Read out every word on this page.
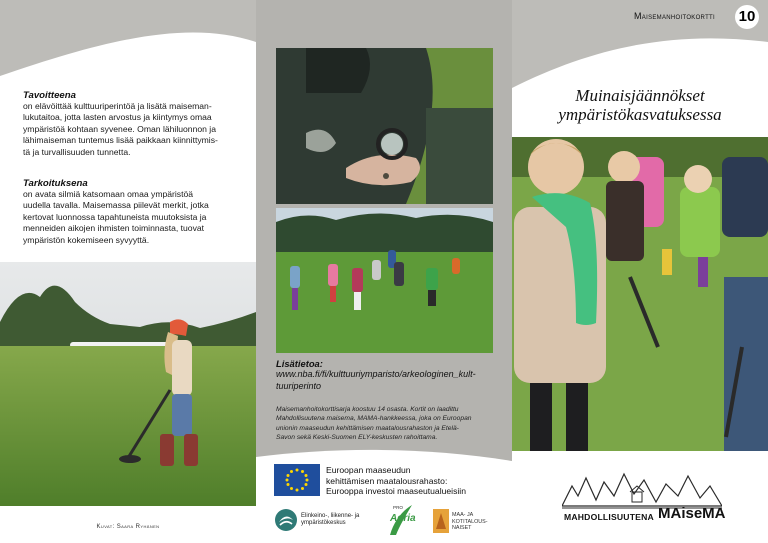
Tavoitteena
on elävöittää kulttuuriperintöä ja lisätä maiseman-
lukutaitoa, jotta lasten arvostus ja kiintymys omaa
ympäristöä kohtaan syvenee. Oman lähiluonnon ja
lähimaiseman tuntemus lisää paikkaan kiinnittymis-
tä ja turvallisuuden tunnetta.
Tarkoituksena
on avata silmiä katsomaan omaa ympäristöä
uudella tavalla. Maisemassa piilevät merkit, jotka
kertovat luonnossa tapahtuneista muutoksista ja
menneiden aikojen ihmisten toiminnasta, tuovat
ympäristön kokemiseen syvyyttä.
Kuvat: Saara Ryhänen
Lisätietoa:
www.nba.fi/fi/kulttuuriymparisto/arkeologinen_kult-
tuuriperinto
Maisemanhoitokorttisarja koostuu 14 osasta. Kortit on laadittu
Mahdollisuutena maisema, MAMA-hankkeessa, joka on Euroopan
unionin maaseudun kehittämisen maatalousrahaston ja Etelä-
Savon sekä Keski-Suomen ELY-keskusten rahoittama.
Euroopan maaseudun
kehittämisen maatalousrahasto:
Eurooppa investoi maaseutualueisiin
Elinkeino-, liikenne- ja
ympäristökeskus
PRO
Agria	MAA- JA
KOTITALOUS-
NAISET
Maisemanhoitokortti 10
Muinaisjäännökset
ympäristökasvatuksessa
MAHDOLLISUUTENA MAiseMA
